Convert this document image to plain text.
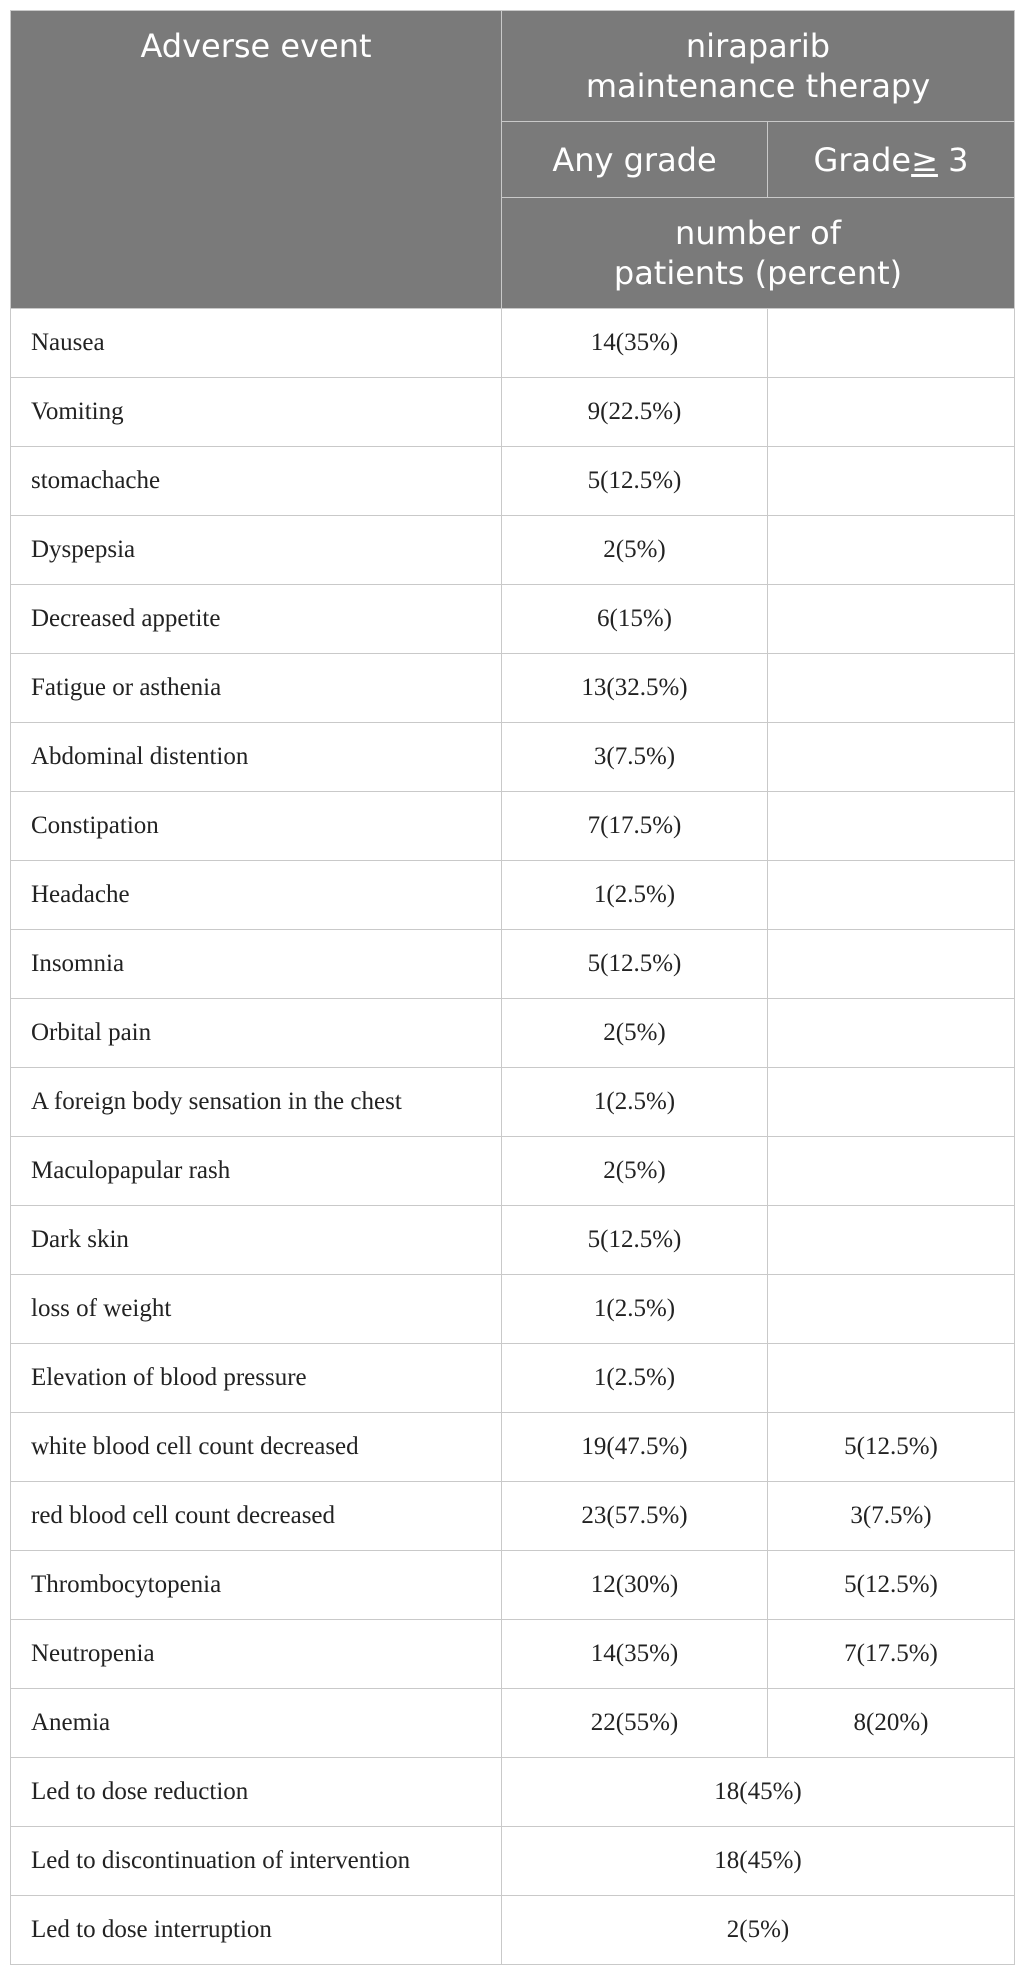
Adverse event	niraparib
maintenance therapy	
	Any grade	Grade≥ 3
	number of
patients (percent)	
Nausea	14(35%)	
Vomiting	9(22.5%)	
stomachache	5(12.5%)	
Dyspepsia	2(5%)	
Decreased appetite	6(15%)	
Fatigue or asthenia	13(32.5%)	
Abdominal distention	3(7.5%)	
Constipation	7(17.5%)	
Headache	1(2.5%)	
Insomnia	5(12.5%)	
Orbital pain	2(5%)	
A foreign body sensation in the chest	1(2.5%)	
Maculopapular rash	2(5%)	
Dark skin	5(12.5%)	
loss of weight	1(2.5%)	
Elevation of blood pressure	1(2.5%)	
white blood cell count decreased	19(47.5%)	5(12.5%)
red blood cell count decreased	23(57.5%)	3(7.5%)
Thrombocytopenia	12(30%)	5(12.5%)
Neutropenia	14(35%)	7(17.5%)
Anemia	22(55%)	8(20%)
Led to dose reduction	18(45%)	
Led to discontinuation of intervention	18(45%)	
Led to dose interruption	2(5%)	
